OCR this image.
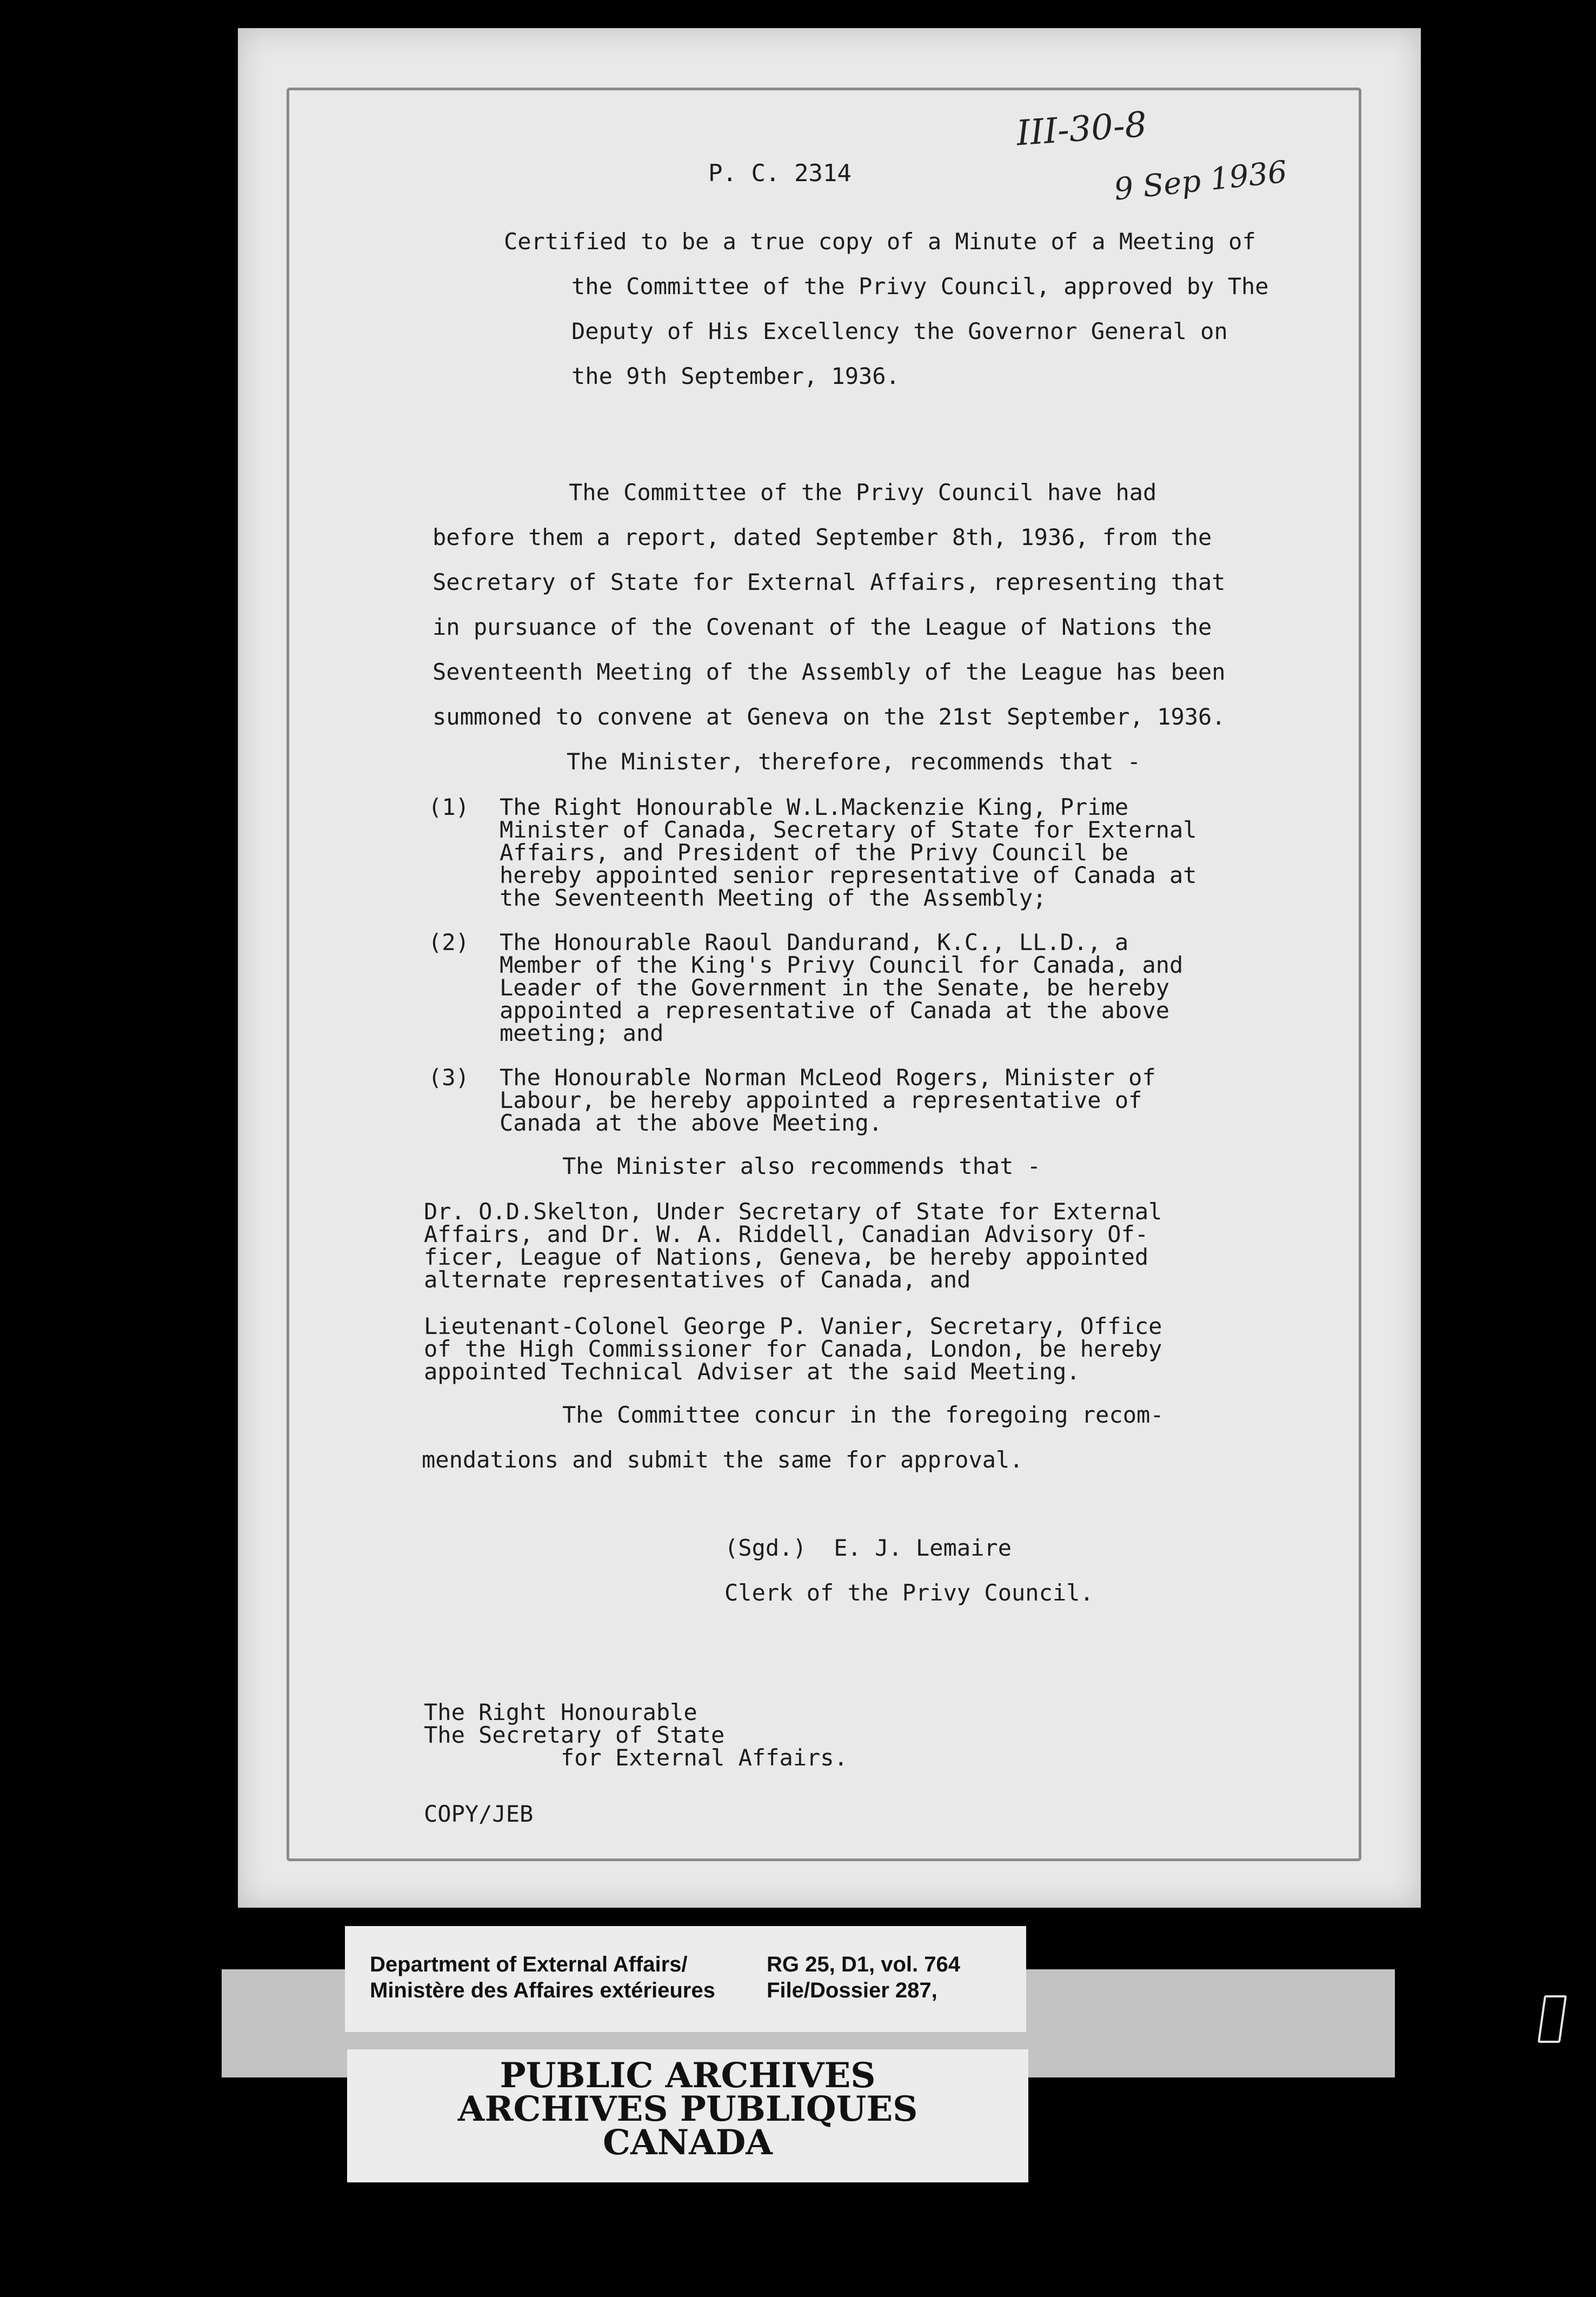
P. C. 2314
III-30-8
9 Sep 1936
Certified to be a true copy of a Minute of a Meeting of
the Committee of the Privy Council, approved by The
Deputy of His Excellency the Governor General on
the 9th September, 1936.
The Committee of the Privy Council have had
before them a report, dated September 8th, 1936, from the
Secretary of State for External Affairs, representing that
in pursuance of the Covenant of the League of Nations the
Seventeenth Meeting of the Assembly of the League has been
summoned to convene at Geneva on the 21st September, 1936.
The Minister, therefore, recommends that -
(1) The Right Honourable W.L.Mackenzie King, Prime
Minister of Canada, Secretary of State for External
Affairs, and President of the Privy Council be
hereby appointed senior representative of Canada at
the Seventeenth Meeting of the Assembly;
(2) The Honourable Raoul Dandurand, K.C., LL.D., a
Member of the King's Privy Council for Canada, and
Leader of the Government in the Senate, be hereby
appointed a representative of Canada at the above
meeting; and
(3) The Honourable Norman McLeod Rogers, Minister of
Labour, be hereby appointed a representative of
Canada at the above Meeting.
The Minister also recommends that -
Dr. O.D.Skelton, Under Secretary of State for External
Affairs, and Dr. W. A. Riddell, Canadian Advisory Of-
ficer, League of Nations, Geneva, be hereby appointed
alternate representatives of Canada, and
Lieutenant-Colonel George P. Vanier, Secretary, Office
of the High Commissioner for Canada, London, be hereby
appointed Technical Adviser at the said Meeting.
The Committee concur in the foregoing recom-
mendations and submit the same for approval.
(Sgd.)  E. J. Lemaire
Clerk of the Privy Council.
The Right Honourable
The Secretary of State
for External Affairs.
COPY/JEB
Department of External Affairs/
Ministère des Affaires extérieures
RG 25, D1, vol. 764
File/Dossier 287,
PUBLIC ARCHIVES
ARCHIVES PUBLIQUES
CANADA
